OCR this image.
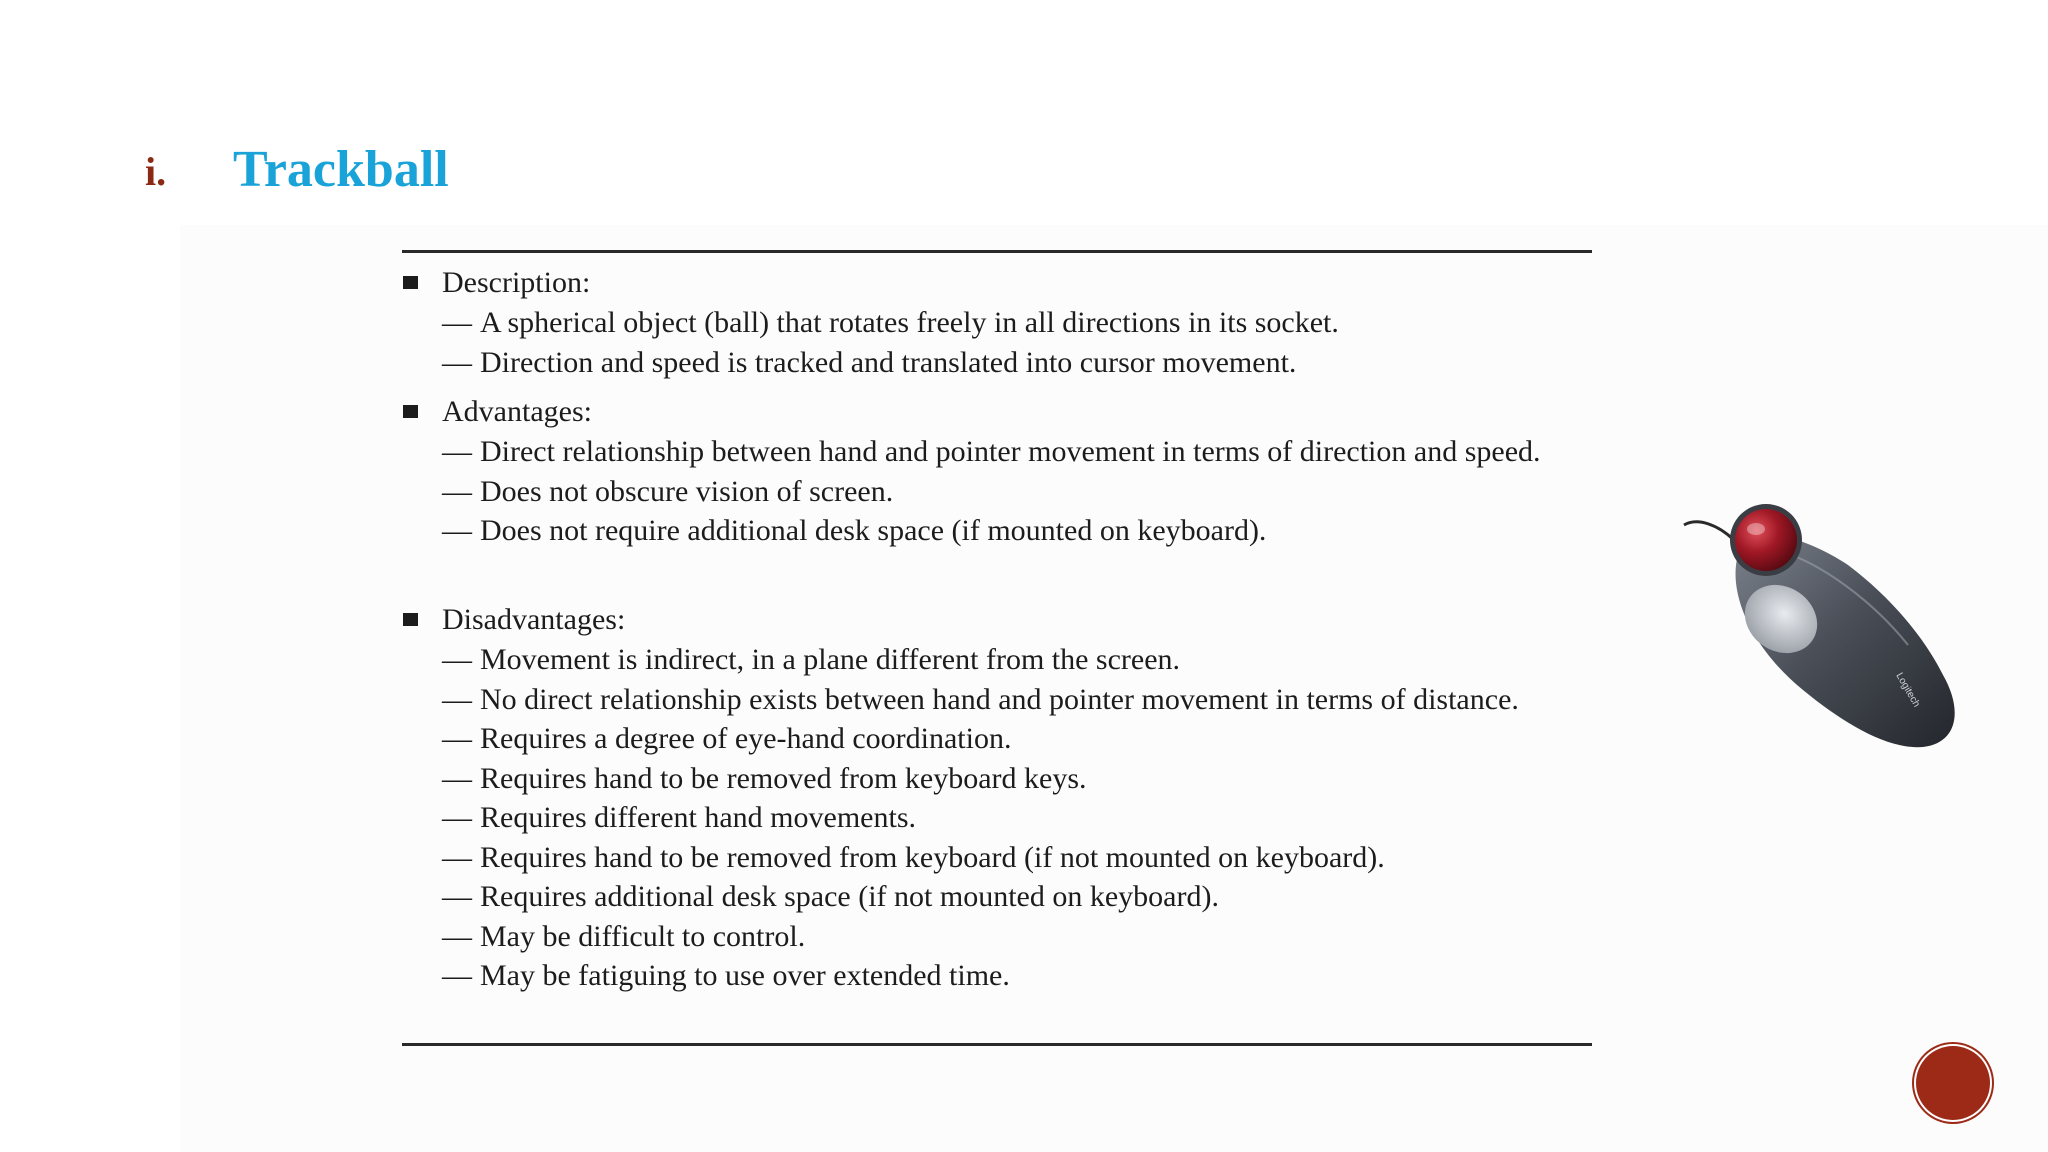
i. Trackball
Description:
— A spherical object (ball) that rotates freely in all directions in its socket.
— Direction and speed is tracked and translated into cursor movement.
Advantages:
— Direct relationship between hand and pointer movement in terms of direction and speed.
— Does not obscure vision of screen.
— Does not require additional desk space (if mounted on keyboard).
Disadvantages:
— Movement is indirect, in a plane different from the screen.
— No direct relationship exists between hand and pointer movement in terms of distance.
— Requires a degree of eye-hand coordination.
— Requires hand to be removed from keyboard keys.
— Requires different hand movements.
— Requires hand to be removed from keyboard (if not mounted on keyboard).
— Requires additional desk space (if not mounted on keyboard).
— May be difficult to control.
— May be fatiguing to use over extended time.
Logitech
